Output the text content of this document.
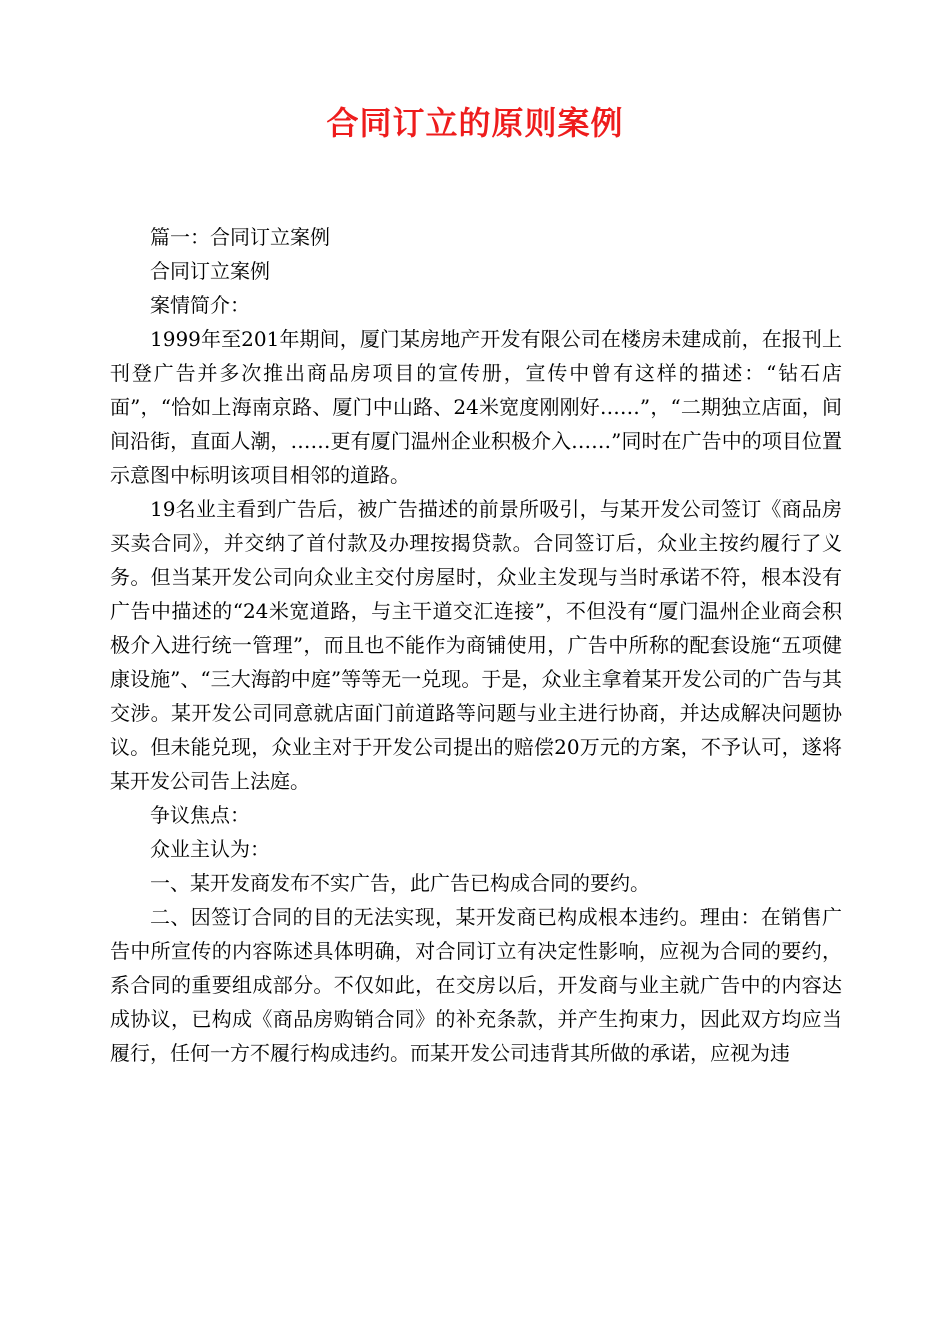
合同订立的原则案例

篇一：合同订立案例

合同订立案例

案情简介：

1999年至201年期间，厦门某房地产开发有限公司在楼房未建成前，在报刊上刊登广告并多次推出商品房项目的宣传册，宣传中曾有这样的描述：“钻石店面”，“恰如上海南京路、厦门中山路、24米宽度刚刚好……”，“二期独立店面，间间沿街，直面人潮，……更有厦门温州企业积极介入……”同时在广告中的项目位置示意图中标明该项目相邻的道路。

19名业主看到广告后，被广告描述的前景所吸引，与某开发公司签订《商品房买卖合同》，并交纳了首付款及办理按揭贷款。合同签订后，众业主按约履行了义务。但当某开发公司向众业主交付房屋时，众业主发现与当时承诺不符，根本没有广告中描述的“24米宽道路，与主干道交汇连接”，不但没有“厦门温州企业商会积极介入进行统一管理”，而且也不能作为商铺使用，广告中所称的配套设施“五项健康设施”、“三大海韵中庭”等等无一兑现。于是，众业主拿着某开发公司的广告与其交涉。某开发公司同意就店面门前道路等问题与业主进行协商，并达成解决问题协议。但未能兑现，众业主对于开发公司提出的赔偿20万元的方案，不予认可，遂将某开发公司告上法庭。

争议焦点：

众业主认为：

一、某开发商发布不实广告，此广告已构成合同的要约。

二、因签订合同的目的无法实现，某开发商已构成根本违约。理由：在销售广告中所宣传的内容陈述具体明确，对合同订立有决定性影响，应视为合同的要约，系合同的重要组成部分。不仅如此，在交房以后，开发商与业主就广告中的内容达成协议，已构成《商品房购销合同》的补充条款，并产生拘束力，因此双方均应当履行，任何一方不履行构成违约。而某开发公司违背其所做的承诺，应视为违
